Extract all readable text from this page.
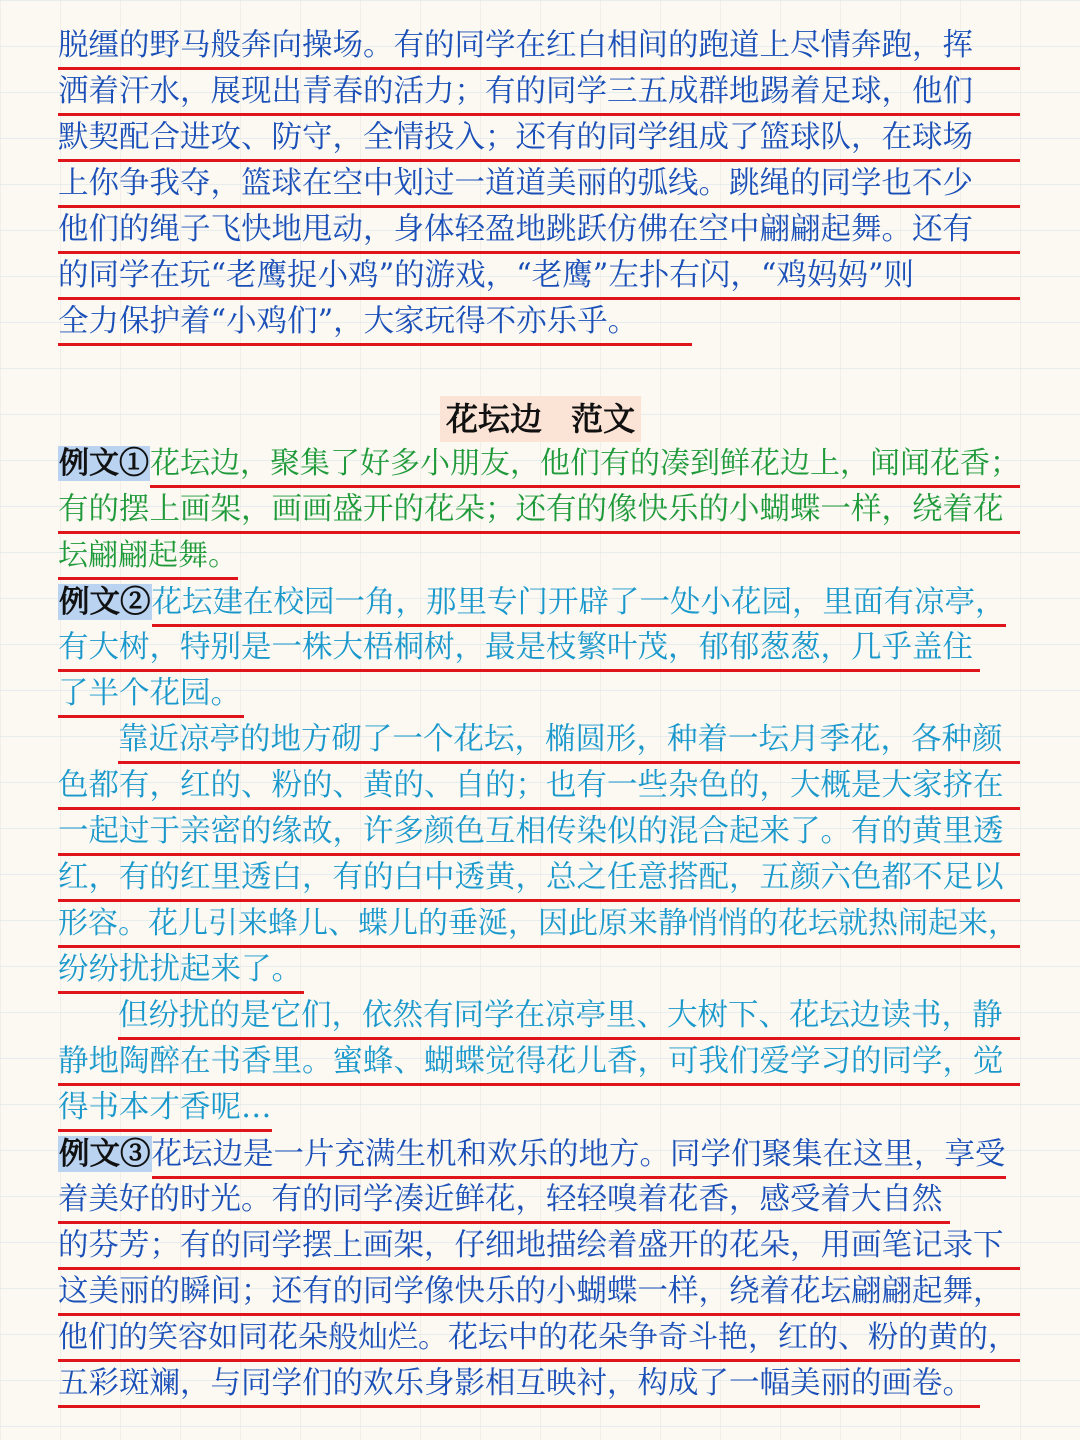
脱缰的野马般奔向操场。有的同学在红白相间的跑道上尽情奔跑，挥
洒着汗水，展现出青春的活力；有的同学三五成群地踢着足球，他们
默契配合进攻、防守，全情投入；还有的同学组成了篮球队，在球场
上你争我夺，篮球在空中划过一道道美丽的弧线。跳绳的同学也不少
他们的绳子飞快地甩动，身体轻盈地跳跃仿佛在空中翩翩起舞。还有
的同学在玩“老鹰捉小鸡”的游戏，“老鹰”左扑右闪，“鸡妈妈”则
全力保护着“小鸡们”，大家玩得不亦乐乎。
花坛边 范文
例文①花坛边，聚集了好多小朋友，他们有的凑到鲜花边上，闻闻花香；
有的摆上画架，画画盛开的花朵；还有的像快乐的小蝴蝶一样，绕着花
坛翩翩起舞。
例文②花坛建在校园一角，那里专门开辟了一处小花园，里面有凉亭，
有大树，特别是一株大梧桐树，最是枝繁叶茂，郁郁葱葱，几乎盖住
了半个花园。
靠近凉亭的地方砌了一个花坛，椭圆形，种着一坛月季花，各种颜
色都有，红的、粉的、黄的、自的；也有一些杂色的，大概是大家挤在
一起过于亲密的缘故，许多颜色互相传染似的混合起来了。有的黄里透
红，有的红里透白，有的白中透黄，总之任意搭配，五颜六色都不足以
形容。花儿引来蜂儿、蝶儿的垂涎，因此原来静悄悄的花坛就热闹起来，
纷纷扰扰起来了。
但纷扰的是它们，依然有同学在凉亭里、大树下、花坛边读书，静
静地陶醉在书香里。蜜蜂、蝴蝶觉得花儿香，可我们爱学习的同学，觉
得书本才香呢…
例文③花坛边是一片充满生机和欢乐的地方。同学们聚集在这里，享受
着美好的时光。有的同学凑近鲜花，轻轻嗅着花香，感受着大自然
的芬芳；有的同学摆上画架，仔细地描绘着盛开的花朵，用画笔记录下
这美丽的瞬间；还有的同学像快乐的小蝴蝶一样，绕着花坛翩翩起舞，
他们的笑容如同花朵般灿烂。花坛中的花朵争奇斗艳，红的、粉的黄的，
五彩斑斓，与同学们的欢乐身影相互映衬，构成了一幅美丽的画卷。
